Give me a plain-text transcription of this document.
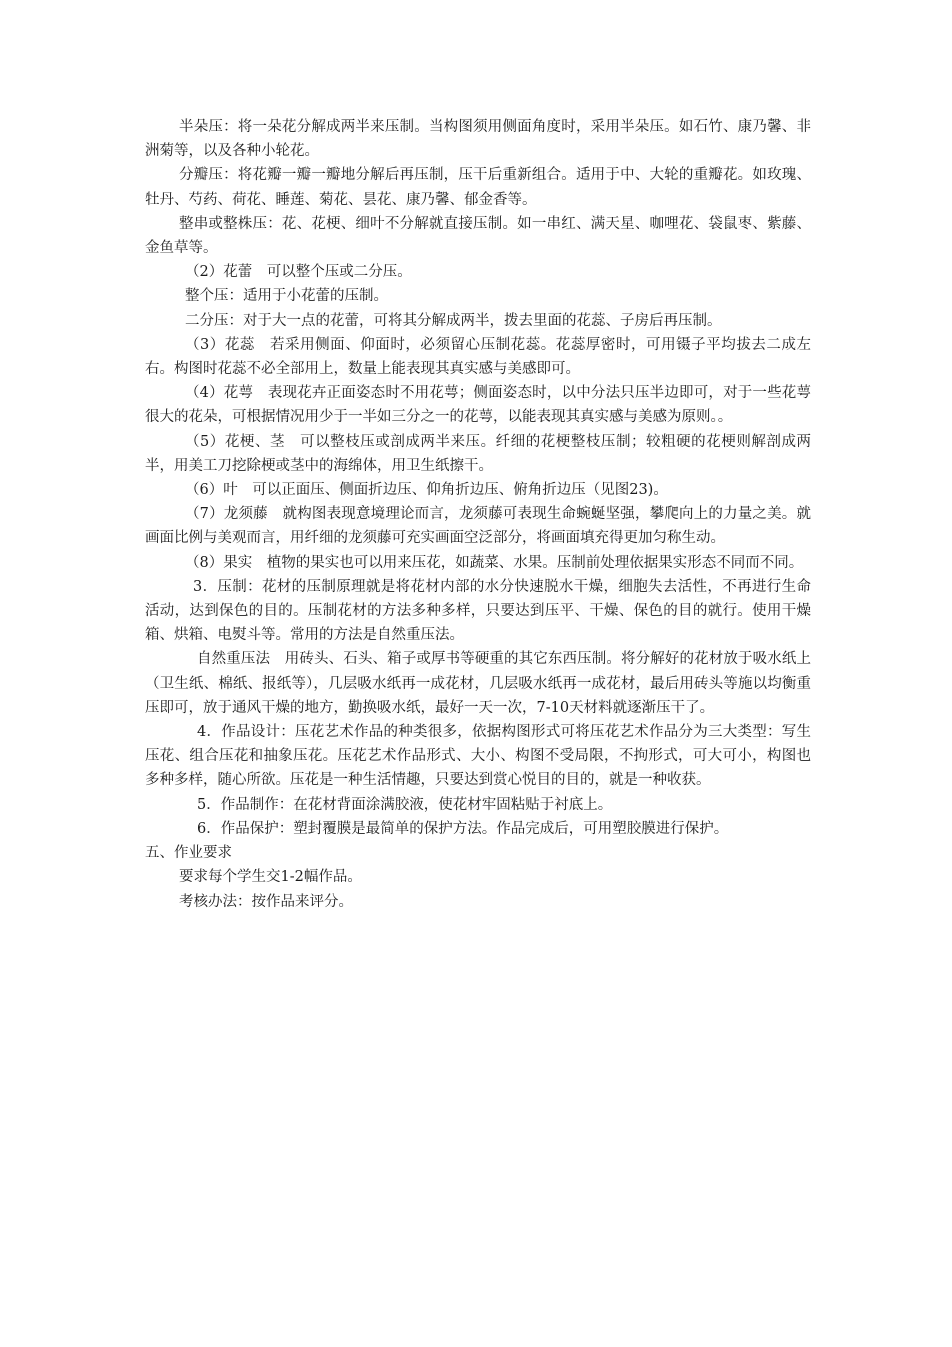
半朵压：将一朵花分解成两半来压制。当构图须用侧面角度时，采用半朵压。如石竹、康乃馨、非洲菊等，以及各种小轮花。

分瓣压：将花瓣一瓣一瓣地分解后再压制，压干后重新组合。适用于中、大轮的重瓣花。如玫瑰、牡丹、芍药、荷花、睡莲、菊花、昙花、康乃馨、郁金香等。

整串或整株压：花、花梗、细叶不分解就直接压制。如一串红、满天星、咖哩花、袋鼠枣、紫藤、金鱼草等。

（2）花蕾　可以整个压或二分压。

整个压：适用于小花蕾的压制。

二分压：对于大一点的花蕾，可将其分解成两半，拨去里面的花蕊、子房后再压制。

（3）花蕊　若采用侧面、仰面时，必须留心压制花蕊。花蕊厚密时，可用镊子平均拔去二成左右。构图时花蕊不必全部用上，数量上能表现其真实感与美感即可。

（4）花萼　表现花卉正面姿态时不用花萼；侧面姿态时，以中分法只压半边即可，对于一些花萼很大的花朵，可根据情况用少于一半如三分之一的花萼，以能表现其真实感与美感为原则。。

（5）花梗、茎　可以整枝压或剖成两半来压。纤细的花梗整枝压制；较粗硬的花梗则解剖成两半，用美工刀挖除梗或茎中的海绵体，用卫生纸擦干。

（6）叶　可以正面压、侧面折边压、仰角折边压、俯角折边压（见图23)。

（7）龙须藤　就构图表现意境理论而言，龙须藤可表现生命蜿蜒坚强，攀爬向上的力量之美。就画面比例与美观而言，用纤细的龙须藤可充实画面空泛部分，将画面填充得更加匀称生动。

（8）果实　植物的果实也可以用来压花，如蔬菜、水果。压制前处理依据果实形态不同而不同。

3．压制：花材的压制原理就是将花材内部的水分快速脱水干燥，细胞失去活性，不再进行生命活动，达到保色的目的。压制花材的方法多种多样，只要达到压平、干燥、保色的目的就行。使用干燥箱、烘箱、电熨斗等。常用的方法是自然重压法。

自然重压法　用砖头、石头、箱子或厚书等硬重的其它东西压制。将分解好的花材放于吸水纸上（卫生纸、棉纸、报纸等），几层吸水纸再一成花材，几层吸水纸再一成花材，最后用砖头等施以均衡重压即可，放于通风干燥的地方，勤换吸水纸，最好一天一次，7-10天材料就逐渐压干了。

4．作品设计：压花艺术作品的种类很多，依据构图形式可将压花艺术作品分为三大类型：写生压花、组合压花和抽象压花。压花艺术作品形式、大小、构图不受局限，不拘形式，可大可小，构图也多种多样，随心所欲。压花是一种生活情趣，只要达到赏心悦目的目的，就是一种收获。

5．作品制作：在花材背面涂满胶液，使花材牢固粘贴于衬底上。

6．作品保护：塑封覆膜是最简单的保护方法。作品完成后，可用塑胶膜进行保护。

五、作业要求

要求每个学生交1-2幅作品。

考核办法：按作品来评分。
